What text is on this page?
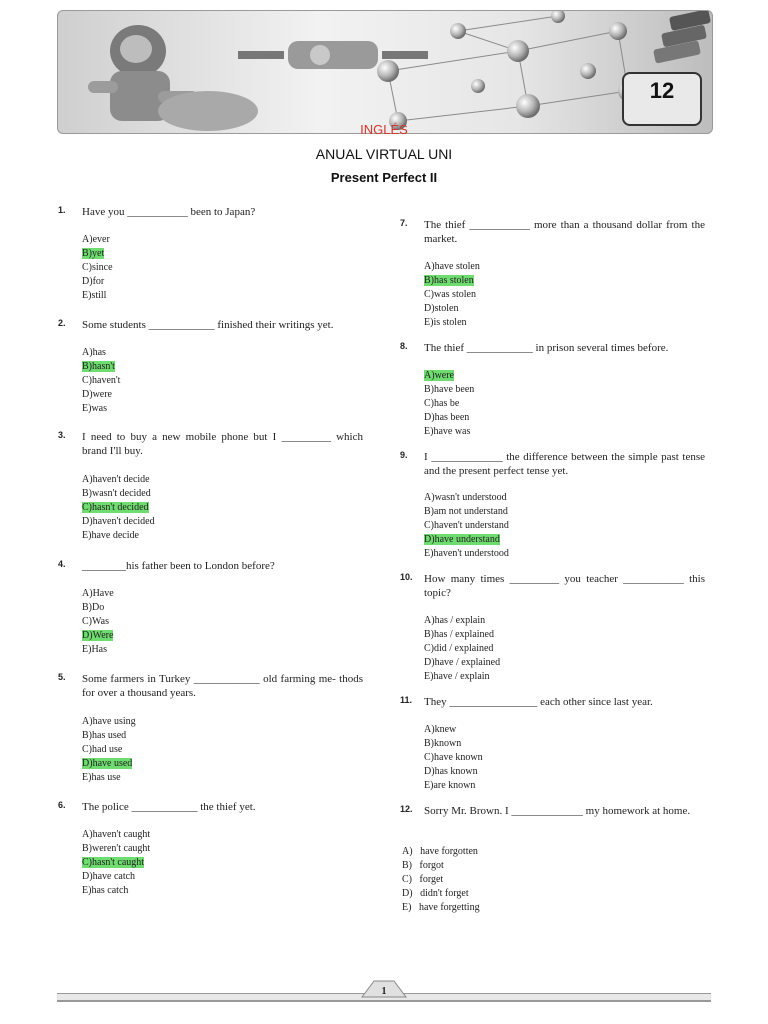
12
INGLÉS
ANUAL VIRTUAL UNI
Present Perfect II
1. Have you ___________ been to Japan?
A)ever
B)yet
C)since
D)for
E)still
2. Some students ____________ finished their writings yet.
A)has
B)hasn't
C)haven't
D)were
E)was
3. I need to buy a new mobile phone but I _________ which brand I'll buy.
A)haven't decide
B)wasn't decided
C)hasn't decided
D)haven't decided
E)have decide
4. ________his father been to London before?
A)Have
B)Do
C)Was
D)Were
E)Has
5. Some farmers in Turkey ____________ old farming me- thods for over a thousand years.
A)have using
B)has used
C)had use
D)have used
E)has use
6. The police ____________ the thief yet.
A)haven't caught
B)weren't caught
C)hasn't caught
D)have catch
E)has catch
7. The thief ___________ more than a thousand dollar from the market.
A)have stolen
B)has stolen
C)was stolen
D)stolen
E)is stolen
8. The thief ____________ in prison several times before.
A)were
B)have been
C)has be
D)has been
E)have was
9. I _____________ the difference between the simple past tense and the present perfect tense yet.
A)wasn't understood
B)am not understand
C)haven't understand
D)have understand
E)haven't understood
10. How many times _________ you teacher ___________ this topic?
A)has / explain
B)has / explained
C)did / explained
D)have / explained
E)have / explain
11. They ________________ each other since last year.
A)knew
B)known
C)have known
D)has known
E)are known
12. Sorry Mr. Brown. I _____________ my homework at home.
A) have forgotten
B) forgot
C) forget
D) didn't forget
E) have forgetting
1
